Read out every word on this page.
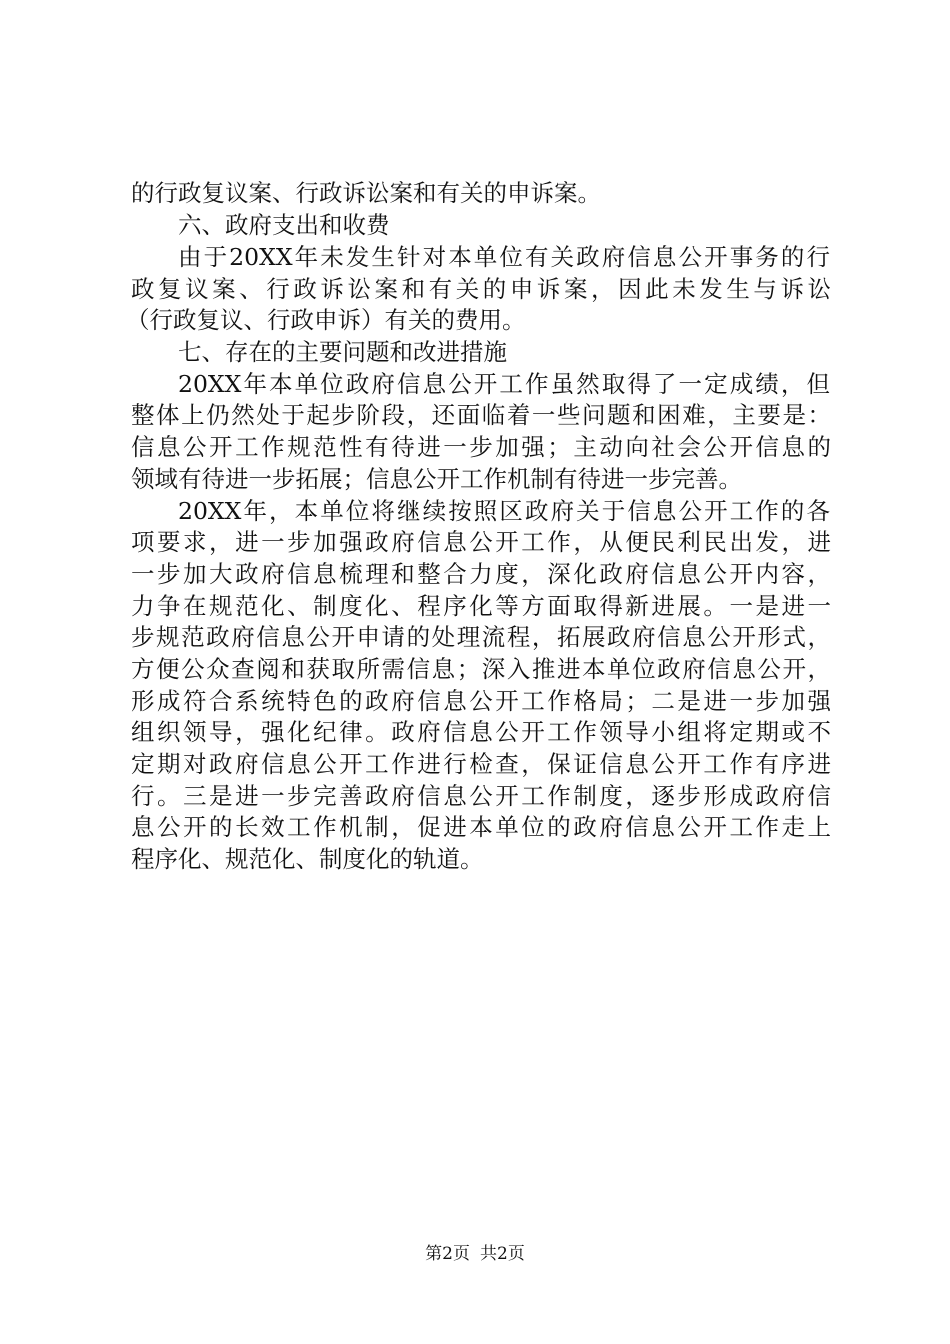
的行政复议案、行政诉讼案和有关的申诉案。
六、政府支出和收费
由于20XX年未发生针对本单位有关政府信息公开事务的行
政复议案、行政诉讼案和有关的申诉案，因此未发生与诉讼
（行政复议、行政申诉）有关的费用。
七、存在的主要问题和改进措施
20XX年本单位政府信息公开工作虽然取得了一定成绩，但
整体上仍然处于起步阶段，还面临着一些问题和困难，主要是：
信息公开工作规范性有待进一步加强；主动向社会公开信息的
领域有待进一步拓展；信息公开工作机制有待进一步完善。
20XX年，本单位将继续按照区政府关于信息公开工作的各
项要求，进一步加强政府信息公开工作，从便民利民出发，进
一步加大政府信息梳理和整合力度，深化政府信息公开内容，
力争在规范化、制度化、程序化等方面取得新进展。一是进一
步规范政府信息公开申请的处理流程，拓展政府信息公开形式，
方便公众查阅和获取所需信息；深入推进本单位政府信息公开，
形成符合系统特色的政府信息公开工作格局；二是进一步加强
组织领导，强化纪律。政府信息公开工作领导小组将定期或不
定期对政府信息公开工作进行检查，保证信息公开工作有序进
行。三是进一步完善政府信息公开工作制度，逐步形成政府信
息公开的长效工作机制，促进本单位的政府信息公开工作走上
程序化、规范化、制度化的轨道。
第2页 共2页
